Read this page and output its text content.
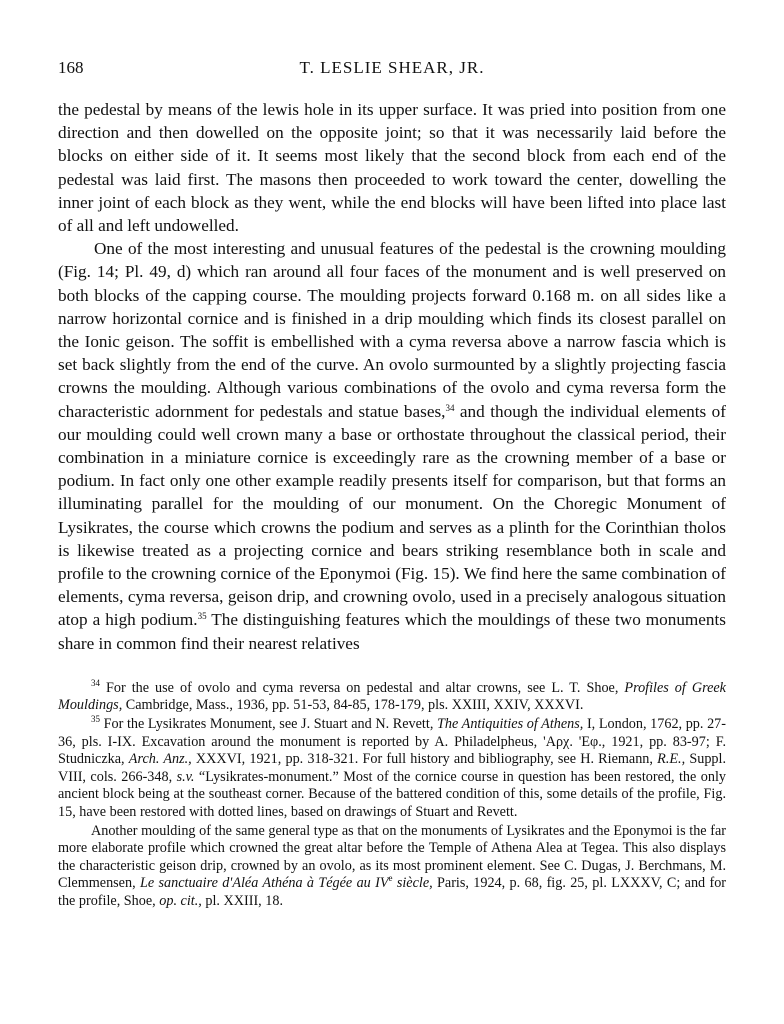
168	T. LESLIE SHEAR, JR.

the pedestal by means of the lewis hole in its upper surface. It was pried into position from one direction and then dowelled on the opposite joint; so that it was necessarily laid before the blocks on either side of it. It seems most likely that the second block from each end of the pedestal was laid first. The masons then proceeded to work toward the center, dowelling the inner joint of each block as they went, while the end blocks will have been lifted into place last of all and left undowelled.

One of the most interesting and unusual features of the pedestal is the crowning moulding (Fig. 14; Pl. 49, d) which ran around all four faces of the monument and is well preserved on both blocks of the capping course. The moulding projects forward 0.168 m. on all sides like a narrow horizontal cornice and is finished in a drip moulding which finds its closest parallel on the Ionic geison. The soffit is embellished with a cyma reversa above a narrow fascia which is set back slightly from the end of the curve. An ovolo surmounted by a slightly projecting fascia crowns the moulding. Although various combinations of the ovolo and cyma reversa form the characteristic adornment for pedestals and statue bases,$^{34}$ and though the individual elements of our moulding could well crown many a base or orthostate throughout the classical period, their combination in a miniature cornice is exceedingly rare as the crowning member of a base or podium. In fact only one other example readily presents itself for comparison, but that forms an illuminating parallel for the moulding of our monument. On the Choregic Monument of Lysikrates, the course which crowns the podium and serves as a plinth for the Corinthian tholos is likewise treated as a projecting cornice and bears striking resemblance both in scale and profile to the crowning cornice of the Eponymoi (Fig. 15). We find here the same combination of elements, cyma reversa, geison drip, and crowning ovolo, used in a precisely analogous situation atop a high podium.$^{35}$ The distinguishing features which the mouldings of these two monuments share in common find their nearest relatives

$^{34}$ For the use of ovolo and cyma reversa on pedestal and altar crowns, see L. T. Shoe, Profiles of Greek Mouldings, Cambridge, Mass., 1936, pp. 51-53, 84-85, 178-179, pls. XXIII, XXIV, XXXVI.

$^{35}$ For the Lysikrates Monument, see J. Stuart and N. Revett, The Antiquities of Athens, I, London, 1762, pp. 27-36, pls. I-IX. Excavation around the monument is reported by A. Philadelpheus, 'Αρχ. 'Εφ., 1921, pp. 83-97; F. Studniczka, Arch. Anz., XXXVI, 1921, pp. 318-321. For full history and bibliography, see H. Riemann, R.E., Suppl. VIII, cols. 266-348, s.v. “Lysikrates-monument.” Most of the cornice course in question has been restored, the only ancient block being at the southeast corner. Because of the battered condition of this, some details of the profile, Fig. 15, have been restored with dotted lines, based on drawings of Stuart and Revett.

Another moulding of the same general type as that on the monuments of Lysikrates and the Eponymoi is the far more elaborate profile which crowned the great altar before the Temple of Athena Alea at Tegea. This also displays the characteristic geison drip, crowned by an ovolo, as its most prominent element. See C. Dugas, J. Berchmans, M. Clemmensen, Le sanctuaire d'Aléa Athéna à Tégée au IVe siècle, Paris, 1924, p. 68, fig. 25, pl. LXXXV, C; and for the profile, Shoe, op. cit., pl. XXIII, 18.
